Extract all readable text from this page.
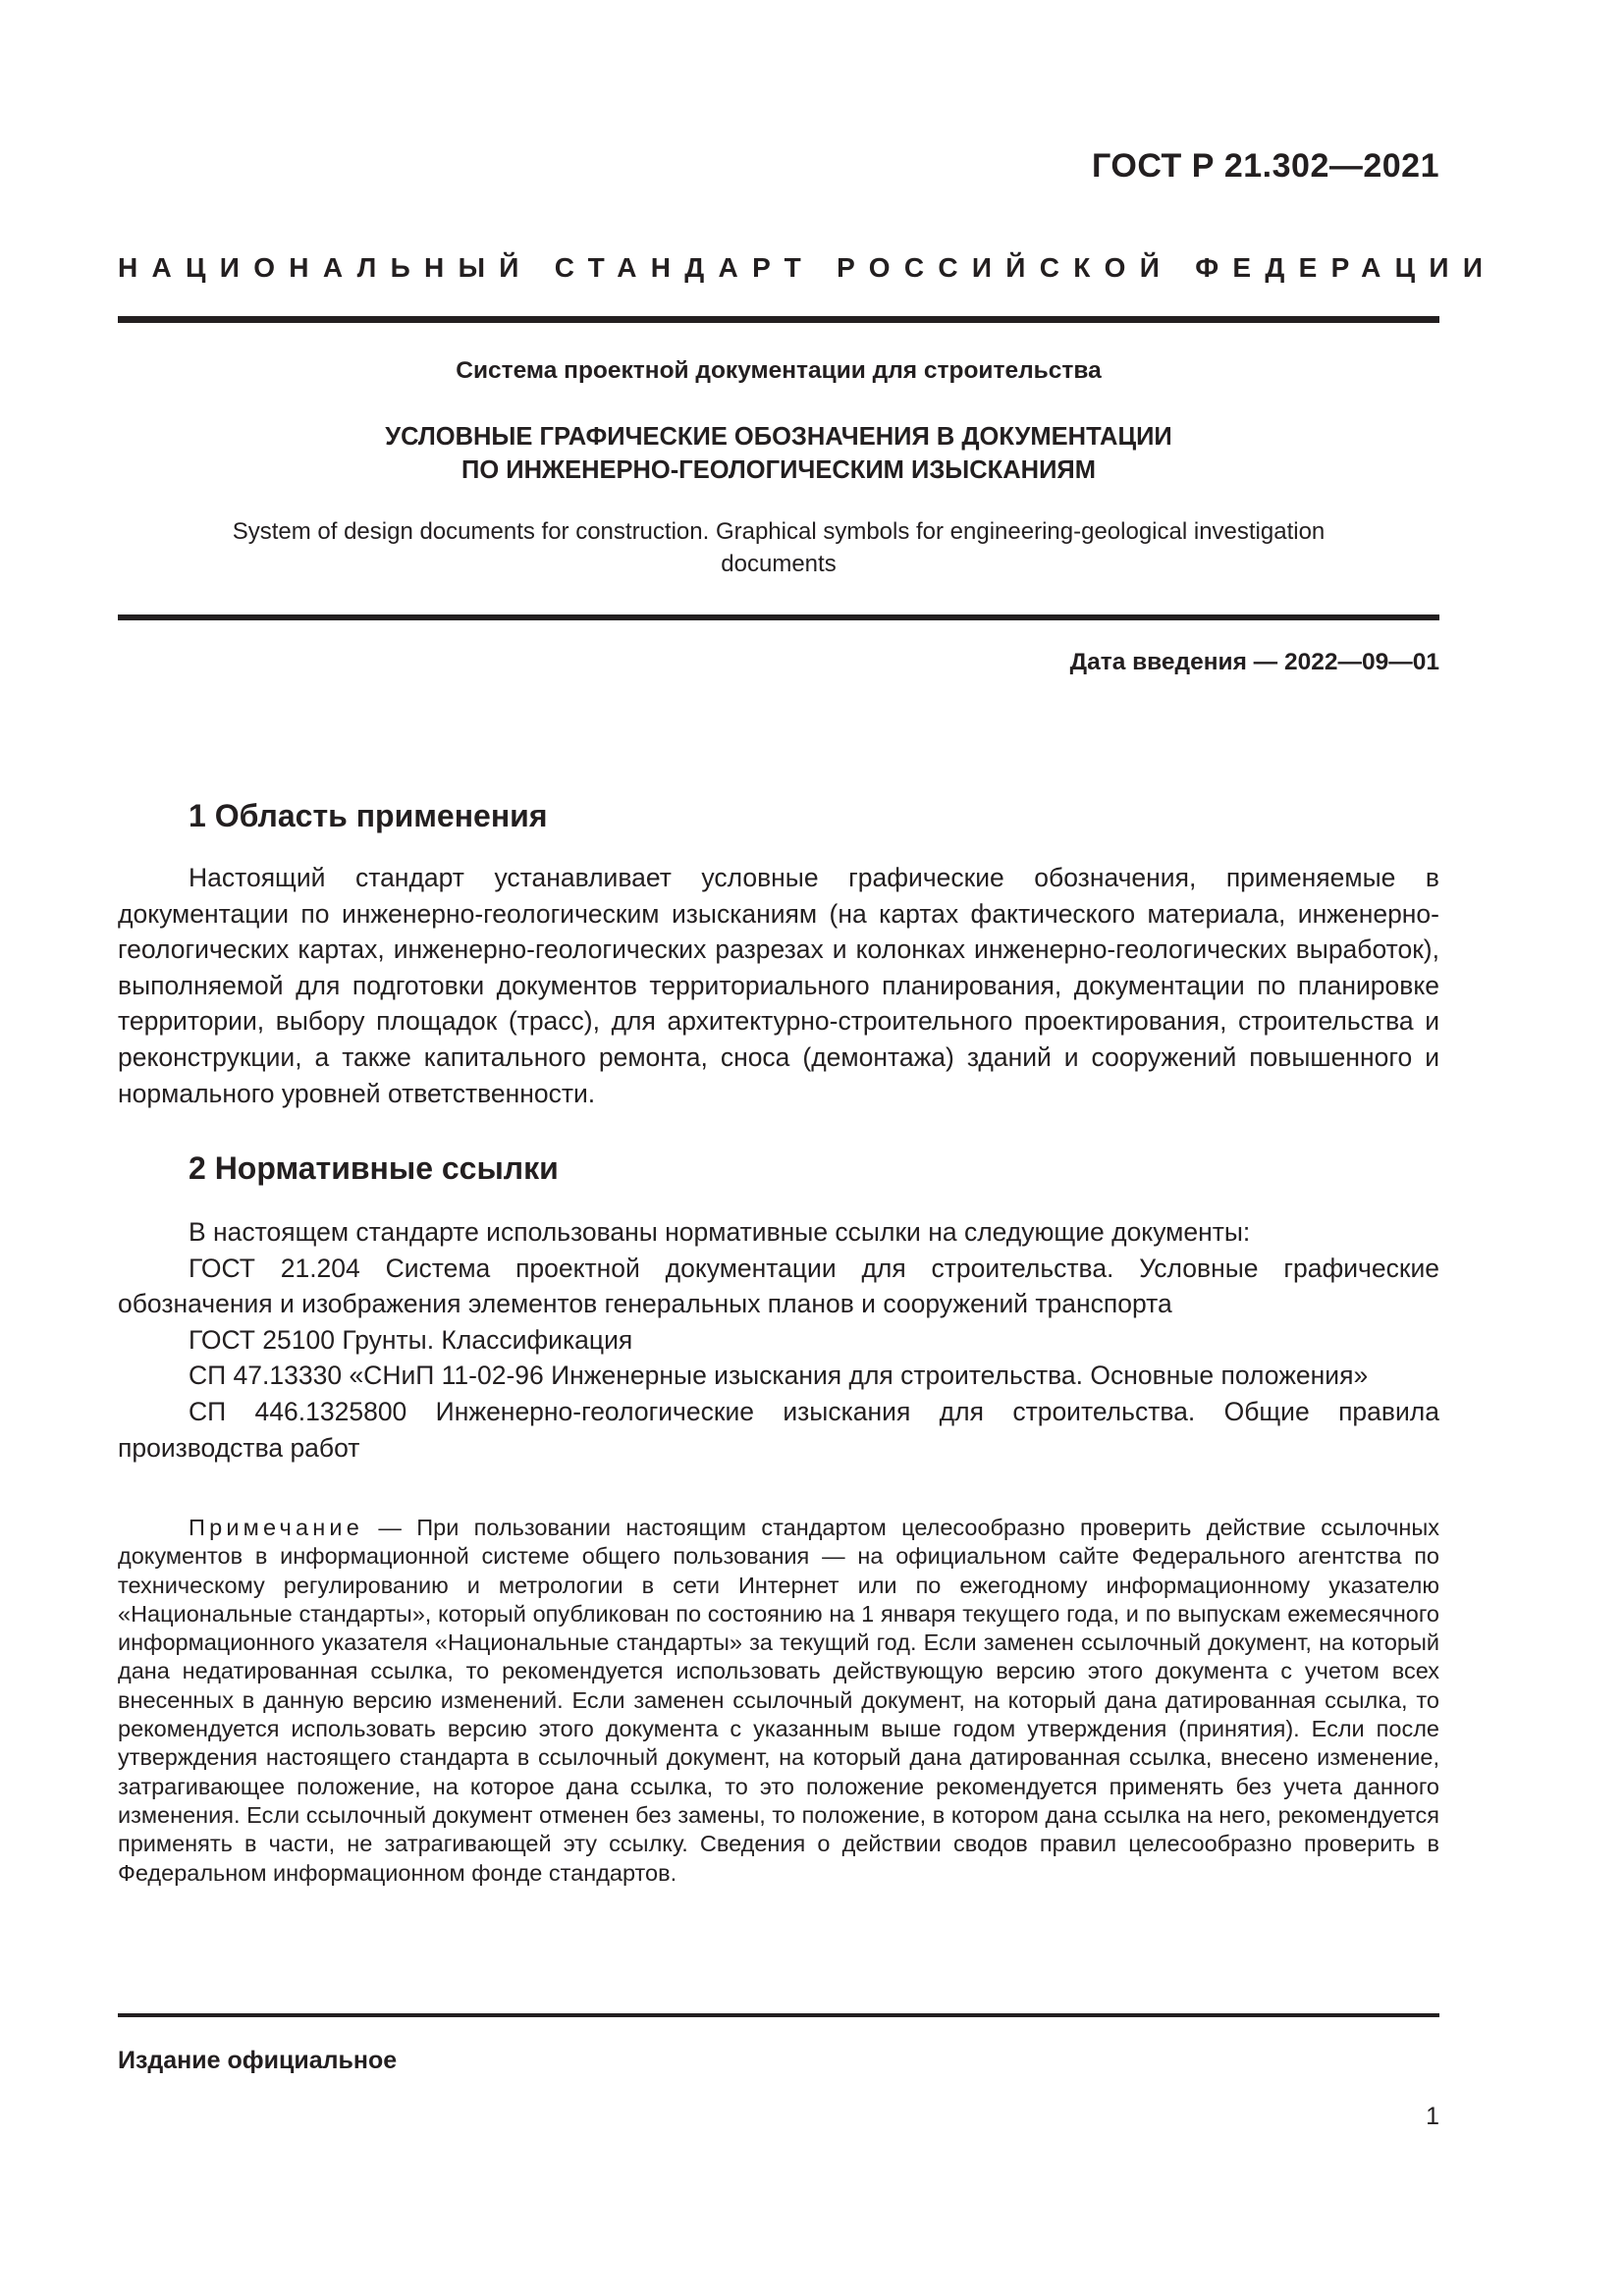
ГОСТ Р 21.302—2021
НАЦИОНАЛЬНЫЙ СТАНДАРТ РОССИЙСКОЙ ФЕДЕРАЦИИ
Система проектной документации для строительства
УСЛОВНЫЕ ГРАФИЧЕСКИЕ ОБОЗНАЧЕНИЯ В ДОКУМЕНТАЦИИ
ПО ИНЖЕНЕРНО-ГЕОЛОГИЧЕСКИМ ИЗЫСКАНИЯМ
System of design documents for construction. Graphical symbols for engineering-geological investigation
documents
Дата введения — 2022—09—01
1 Область применения

Настоящий стандарт устанавливает условные графические обозначения, применяемые в документации по инженерно-геологическим изысканиям (на картах фактического материала, инженерно-геологических картах, инженерно-геологических разрезах и колонках инженерно-геологических выработок), выполняемой для подготовки документов территориального планирования, документации по планировке территории, выбору площадок (трасс), для архитектурно-строительного проектирования, строительства и реконструкции, а также капитального ремонта, сноса (демонтажа) зданий и сооружений повышенного и нормального уровней ответственности.

2 Нормативные ссылки

В настоящем стандарте использованы нормативные ссылки на следующие документы:

ГОСТ 21.204 Система проектной документации для строительства. Условные графические обозначения и изображения элементов генеральных планов и сооружений транспорта

ГОСТ 25100 Грунты. Классификация

СП 47.13330 «СНиП 11-02-96 Инженерные изыскания для строительства. Основные положения»

СП 446.1325800 Инженерно-геологические изыскания для строительства. Общие правила производства работ

Примечание — При пользовании настоящим стандартом целесообразно проверить действие ссылочных документов в информационной системе общего пользования — на официальном сайте Федерального агентства по техническому регулированию и метрологии в сети Интернет или по ежегодному информационному указателю «Национальные стандарты», который опубликован по состоянию на 1 января текущего года, и по выпускам ежемесячного информационного указателя «Национальные стандарты» за текущий год. Если заменен ссылочный документ, на который дана недатированная ссылка, то рекомендуется использовать действующую версию этого документа с учетом всех внесенных в данную версию изменений. Если заменен ссылочный документ, на который дана датированная ссылка, то рекомендуется использовать версию этого документа с указанным выше годом утверждения (принятия). Если после утверждения настоящего стандарта в ссылочный документ, на который дана датированная ссылка, внесено изменение, затрагивающее положение, на которое дана ссылка, то это положение рекомендуется применять без учета данного изменения. Если ссылочный документ отменен без замены, то положение, в котором дана ссылка на него, рекомендуется применять в части, не затрагивающей эту ссылку. Сведения о действии сводов правил целесообразно проверить в Федеральном информационном фонде стандартов.

Издание официальное
1
